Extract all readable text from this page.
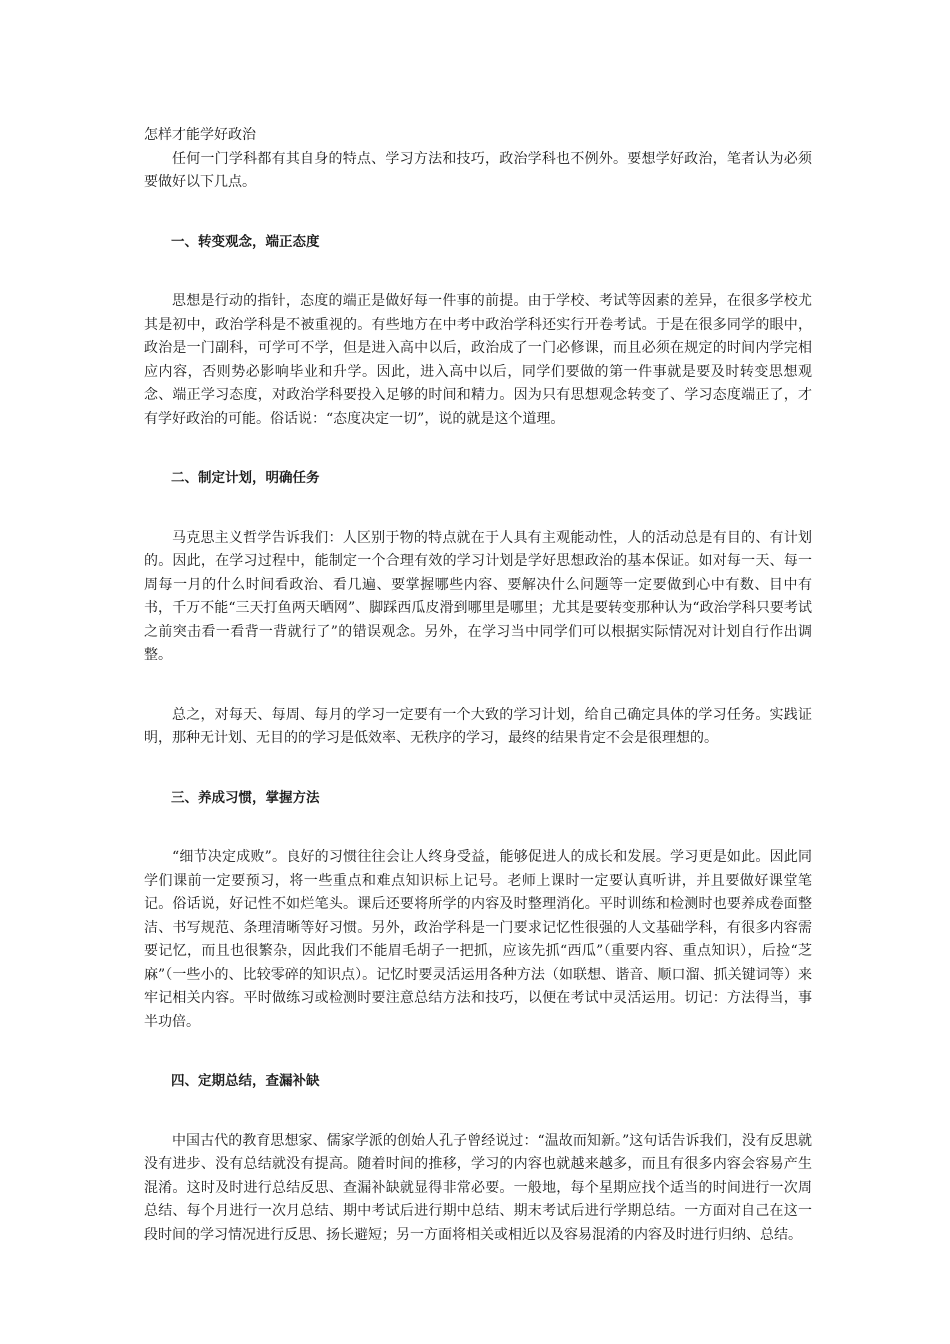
怎样才能学好政治

任何一门学科都有其自身的特点、学习方法和技巧，政治学科也不例外。要想学好政治，笔者认为必须要做好以下几点。

一、转变观念，端正态度

思想是行动的指针，态度的端正是做好每一件事的前提。由于学校、考试等因素的差异，在很多学校尤其是初中，政治学科是不被重视的。有些地方在中考中政治学科还实行开卷考试。于是在很多同学的眼中，政治是一门副科，可学可不学，但是进入高中以后，政治成了一门必修课，而且必须在规定的时间内学完相应内容，否则势必影响毕业和升学。因此，进入高中以后，同学们要做的第一件事就是要及时转变思想观念、端正学习态度，对政治学科要投入足够的时间和精力。因为只有思想观念转变了、学习态度端正了，才有学好政治的可能。俗话说：“态度决定一切”，说的就是这个道理。

二、制定计划，明确任务

马克思主义哲学告诉我们：人区别于物的特点就在于人具有主观能动性，人的活动总是有目的、有计划的。因此，在学习过程中，能制定一个合理有效的学习计划是学好思想政治的基本保证。如对每一天、每一周每一月的什么时间看政治、看几遍、要掌握哪些内容、要解决什么问题等一定要做到心中有数、目中有书，千万不能“三天打鱼两天晒网”、脚踩西瓜皮滑到哪里是哪里；尤其是要转变那种认为“政治学科只要考试之前突击看一看背一背就行了”的错误观念。另外，在学习当中同学们可以根据实际情况对计划自行作出调整。

总之，对每天、每周、每月的学习一定要有一个大致的学习计划，给自己确定具体的学习任务。实践证明，那种无计划、无目的的学习是低效率、无秩序的学习，最终的结果肯定不会是很理想的。

三、养成习惯，掌握方法

“细节决定成败”。良好的习惯往往会让人终身受益，能够促进人的成长和发展。学习更是如此。因此同学们课前一定要预习，将一些重点和难点知识标上记号。老师上课时一定要认真听讲，并且要做好课堂笔记。俗话说，好记性不如烂笔头。课后还要将所学的内容及时整理消化。平时训练和检测时也要养成卷面整洁、书写规范、条理清晰等好习惯。另外，政治学科是一门要求记忆性很强的人文基础学科，有很多内容需要记忆，而且也很繁杂，因此我们不能眉毛胡子一把抓，应该先抓“西瓜”（重要内容、重点知识），后捡“芝麻”（一些小的、比较零碎的知识点）。记忆时要灵活运用各种方法（如联想、谐音、顺口溜、抓关键词等）来牢记相关内容。平时做练习或检测时要注意总结方法和技巧，以便在考试中灵活运用。切记：方法得当，事半功倍。

四、定期总结，查漏补缺

中国古代的教育思想家、儒家学派的创始人孔子曾经说过：“温故而知新。”这句话告诉我们，没有反思就没有进步、没有总结就没有提高。随着时间的推移，学习的内容也就越来越多，而且有很多内容会容易产生混淆。这时及时进行总结反思、查漏补缺就显得非常必要。一般地，每个星期应找个适当的时间进行一次周总结、每个月进行一次月总结、期中考试后进行期中总结、期末考试后进行学期总结。一方面对自己在这一段时间的学习情况进行反思、扬长避短；另一方面将相关或相近以及容易混淆的内容及时进行归纳、总结。
